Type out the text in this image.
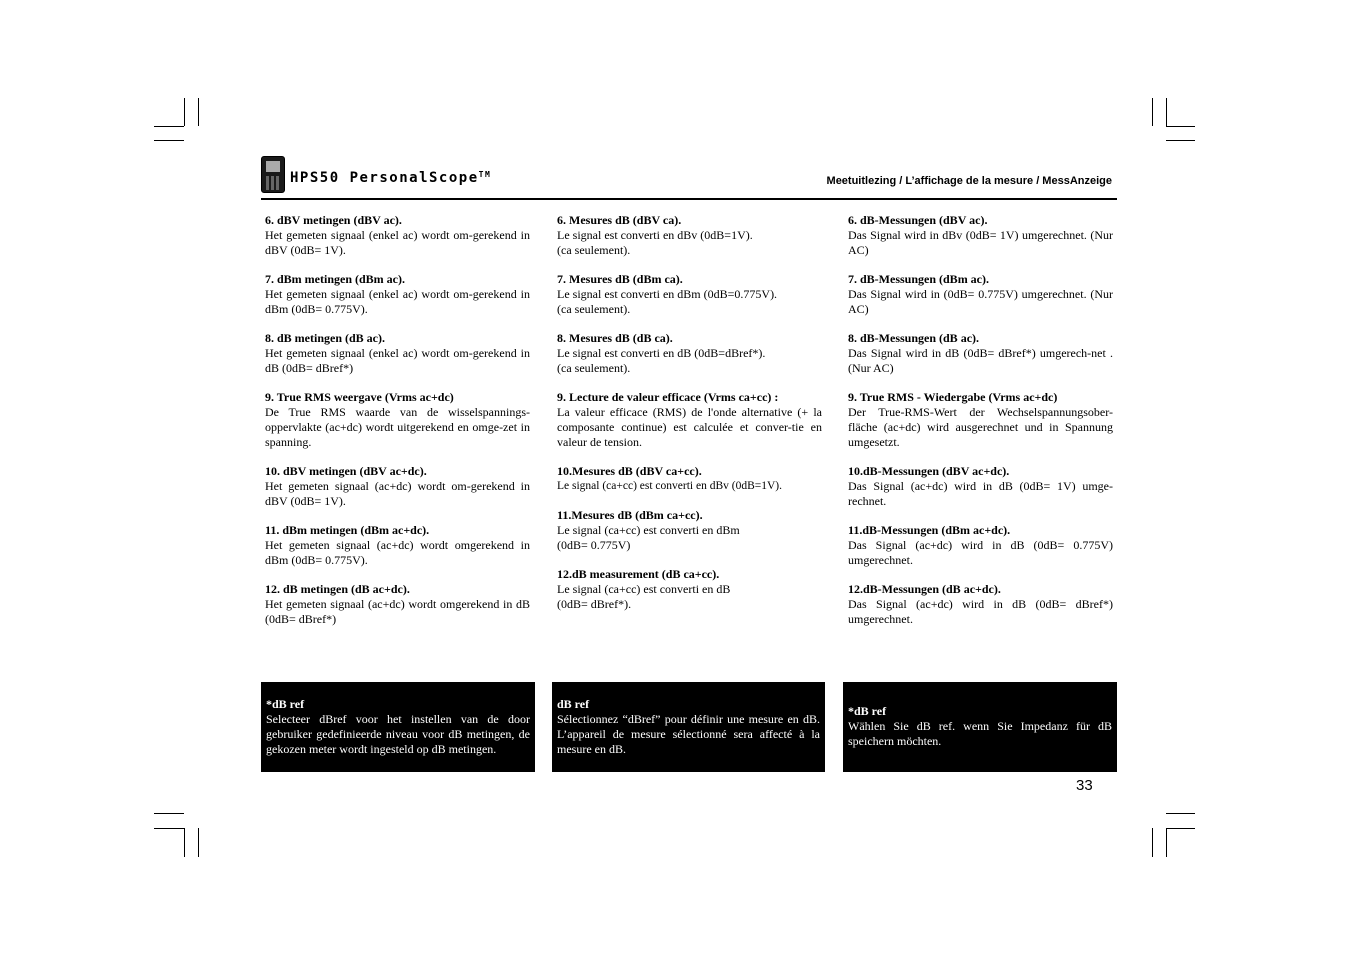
HPS50 PersonalScope™
Meetuitlezing / L’affichage de la mesure / MessAnzeige
6. dBV metingen (dBV ac).
Het gemeten signaal (enkel ac) wordt om-gerekend in dBV (0dB= 1V).
7. dBm metingen (dBm ac).
Het gemeten signaal (enkel ac) wordt om-gerekend in dBm (0dB= 0.775V).
8. dB metingen (dB ac).
Het gemeten signaal (enkel ac) wordt om-gerekend in dB (0dB= dBref*)
9. True RMS weergave (Vrms ac+dc)
De True RMS waarde van de wisselspannings-oppervlakte (ac+dc) wordt uitgerekend en omge-zet in spanning.
10. dBV metingen (dBV ac+dc).
Het gemeten signaal (ac+dc) wordt om-gerekend in dBV (0dB= 1V).
11. dBm metingen (dBm ac+dc).
Het gemeten signaal (ac+dc) wordt omgerekend in dBm (0dB= 0.775V).
12. dB metingen (dB ac+dc).
Het gemeten signaal (ac+dc) wordt omgerekend in dB (0dB= dBref*)
6. Mesures dB (dBV ca).
Le signal est converti en dBv (0dB=1V).
(ca seulement).
7. Mesures dB (dBm ca).
Le signal est converti en dBm (0dB=0.775V).
(ca seulement).
8. Mesures dB (dB ca).
Le signal est converti en dB (0dB=dBref*).
(ca seulement).
9. Lecture de valeur efficace (Vrms ca+cc) :
La valeur efficace (RMS) de l'onde alternative (+ la composante continue) est calculée et conver-tie en valeur de tension.
10.Mesures dB (dBV ca+cc).
Le signal (ca+cc) est converti en dBv (0dB=1V).
11.Mesures dB (dBm ca+cc).
Le signal (ca+cc) est converti en dBm
(0dB= 0.775V)
12.dB measurement (dB ca+cc).
Le signal (ca+cc) est converti en dB
(0dB= dBref*).
6. dB-Messungen (dBV ac).
Das Signal wird in dBv (0dB= 1V) umgerechnet. (Nur AC)
7. dB-Messungen (dBm ac).
Das Signal wird in (0dB= 0.775V) umgerechnet. (Nur AC)
8. dB-Messungen (dB ac).
Das Signal wird in dB (0dB= dBref*) umgerech-net . (Nur AC)
9. True RMS - Wiedergabe (Vrms ac+dc)
Der True-RMS-Wert der Wechselspannungsober-fläche (ac+dc) wird ausgerechnet und in Spannung umgesetzt.
10.dB-Messungen (dBV ac+dc).
Das Signal (ac+dc) wird in dB (0dB= 1V) umge-rechnet.
11.dB-Messungen (dBm ac+dc).
Das Signal (ac+dc) wird in dB (0dB= 0.775V) umgerechnet.
12.dB-Messungen (dB ac+dc).
Das Signal (ac+dc) wird in dB (0dB= dBref*) umgerechnet.
*dB ref
Selecteer dBref voor het instellen van de door gebruiker gedefinieerde niveau voor dB metingen, de gekozen meter wordt ingesteld op dB metingen.
dB ref
Sélectionnez “dBref” pour définir une mesure en dB. L’appareil de mesure sélectionné sera affecté à la mesure en dB.
*dB ref
Wählen Sie dB ref. wenn Sie Impedanz für dB speichern möchten.
33
